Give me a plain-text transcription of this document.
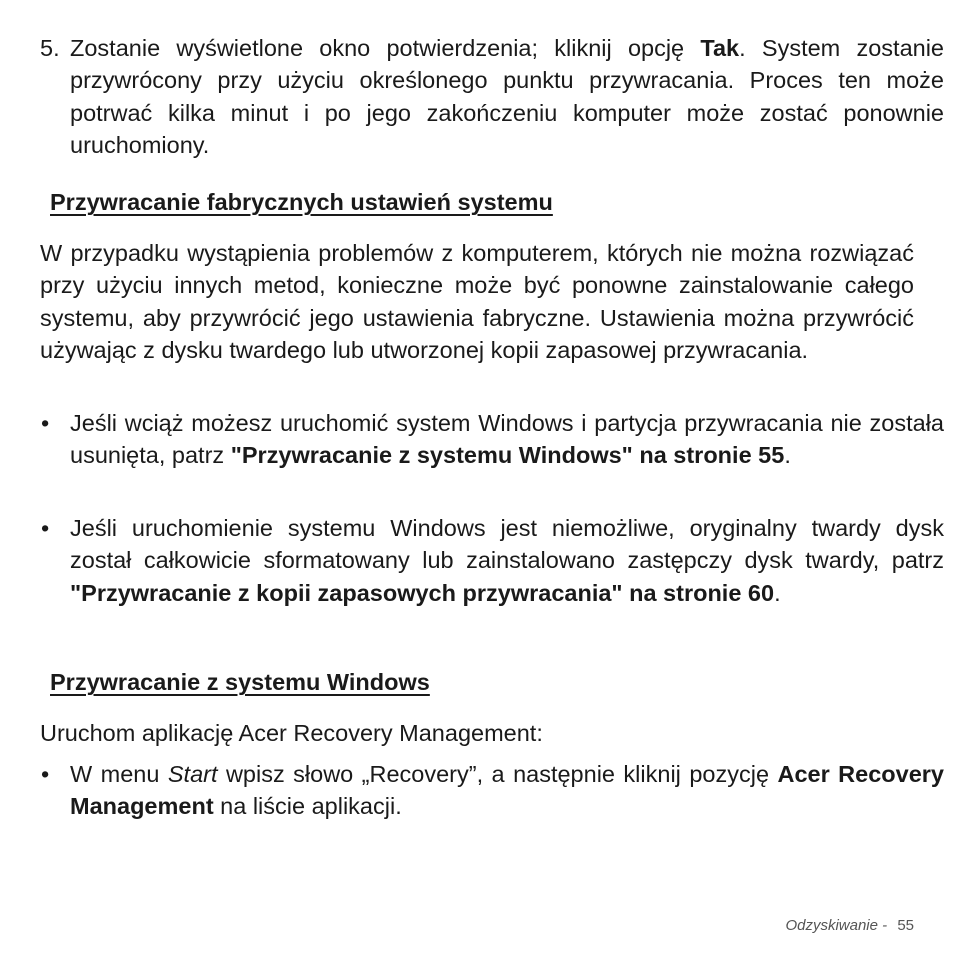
5. Zostanie wyświetlone okno potwierdzenia; kliknij opcję Tak. System zostanie przywrócony przy użyciu określonego punktu przywracania. Proces ten może potrwać kilka minut i po jego zakończeniu komputer może zostać ponownie uruchomiony.

Przywracanie fabrycznych ustawień systemu

W przypadku wystąpienia problemów z komputerem, których nie można rozwiązać przy użyciu innych metod, konieczne może być ponowne zainstalowanie całego systemu, aby przywrócić jego ustawienia fabryczne. Ustawienia można przywrócić używając z dysku twardego lub utworzonej kopii zapasowej przywracania.

• Jeśli wciąż możesz uruchomić system Windows i partycja przywracania nie została usunięta, patrz "Przywracanie z systemu Windows" na stronie 55.

• Jeśli uruchomienie systemu Windows jest niemożliwe, oryginalny twardy dysk został całkowicie sformatowany lub zainstalowano zastępczy dysk twardy, patrz "Przywracanie z kopii zapasowych przywracania" na stronie 60.

Przywracanie z systemu Windows

Uruchom aplikację Acer Recovery Management:

• W menu Start wpisz słowo „Recovery”, a następnie kliknij pozycję Acer Recovery Management na liście aplikacji.

Odzyskiwanie - 55
